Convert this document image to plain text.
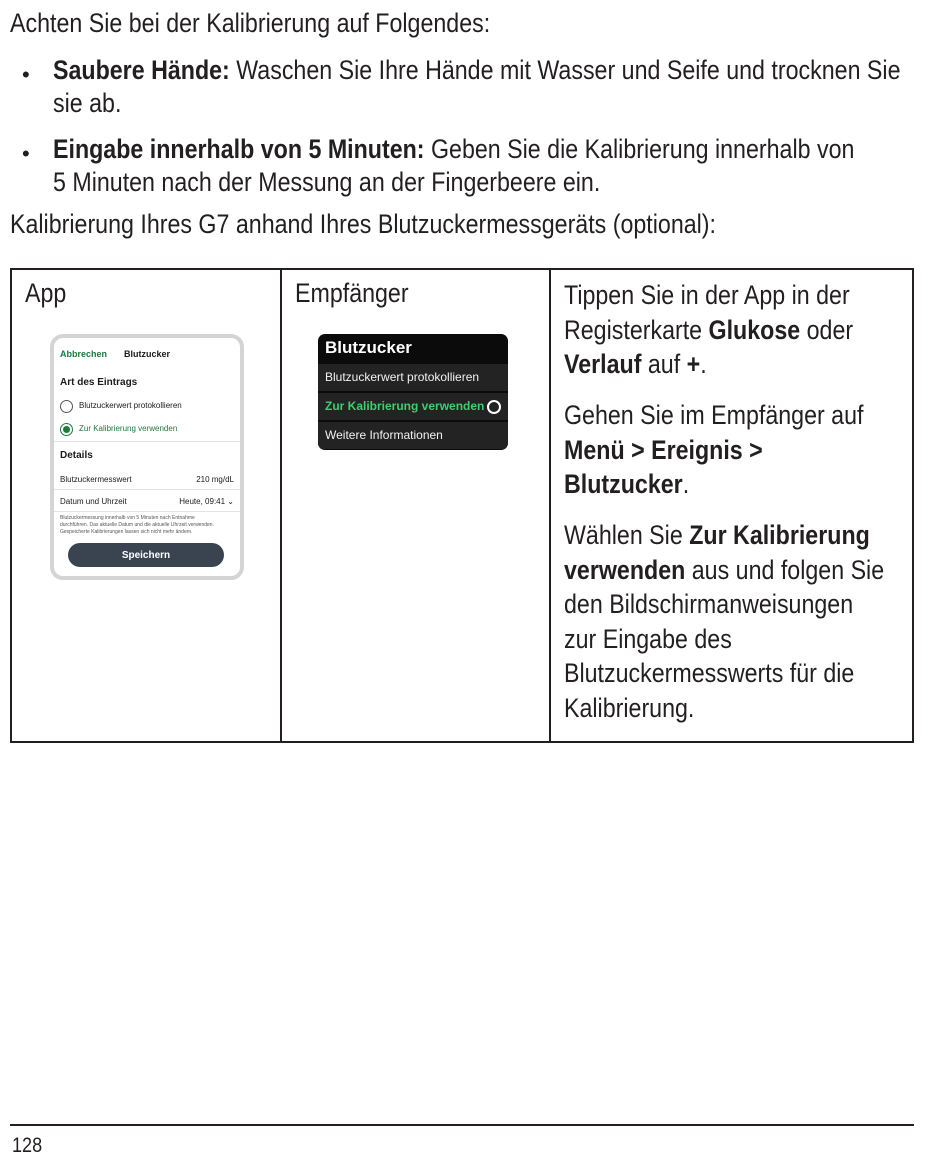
Achten Sie bei der Kalibrierung auf Folgendes:
• Saubere Hände: Waschen Sie Ihre Hände mit Wasser und Seife und trocknen Sie
sie ab.
• Eingabe innerhalb von 5 Minuten: Geben Sie die Kalibrierung innerhalb von
5 Minuten nach der Messung an der Fingerbeere ein.
Kalibrierung Ihres G7 anhand Ihres Blutzuckermessgeräts (optional):
App
Abbrechen Blutzucker
Art des Eintrags
Blutzuckerwert protokollieren
Zur Kalibrierung verwenden
Details
Blutzuckermesswert	210 mg/dL
Datum und Uhrzeit	Heute, 09:41 ⌄
Blutzuckermessung innerhalb von 5 Minuten nach Entnahme
durchführen. Das aktuelle Datum und die aktuelle Uhrzeit verwenden.
Gespeicherte Kalibrierungen lassen sich nicht mehr ändern.
Speichern

Empfänger
Blutzucker
Blutzuckerwert protokollieren
Zur Kalibrierung verwenden
Weitere Informationen

Tippen Sie in der App in der
Registerkarte Glukose oder
Verlauf auf +.
Gehen Sie im Empfänger auf
Menü > Ereignis >
Blutzucker.
Wählen Sie Zur Kalibrierung
verwenden aus und folgen Sie
den Bildschirmanweisungen
zur Eingabe des
Blutzuckermesswerts für die
Kalibrierung.
128
